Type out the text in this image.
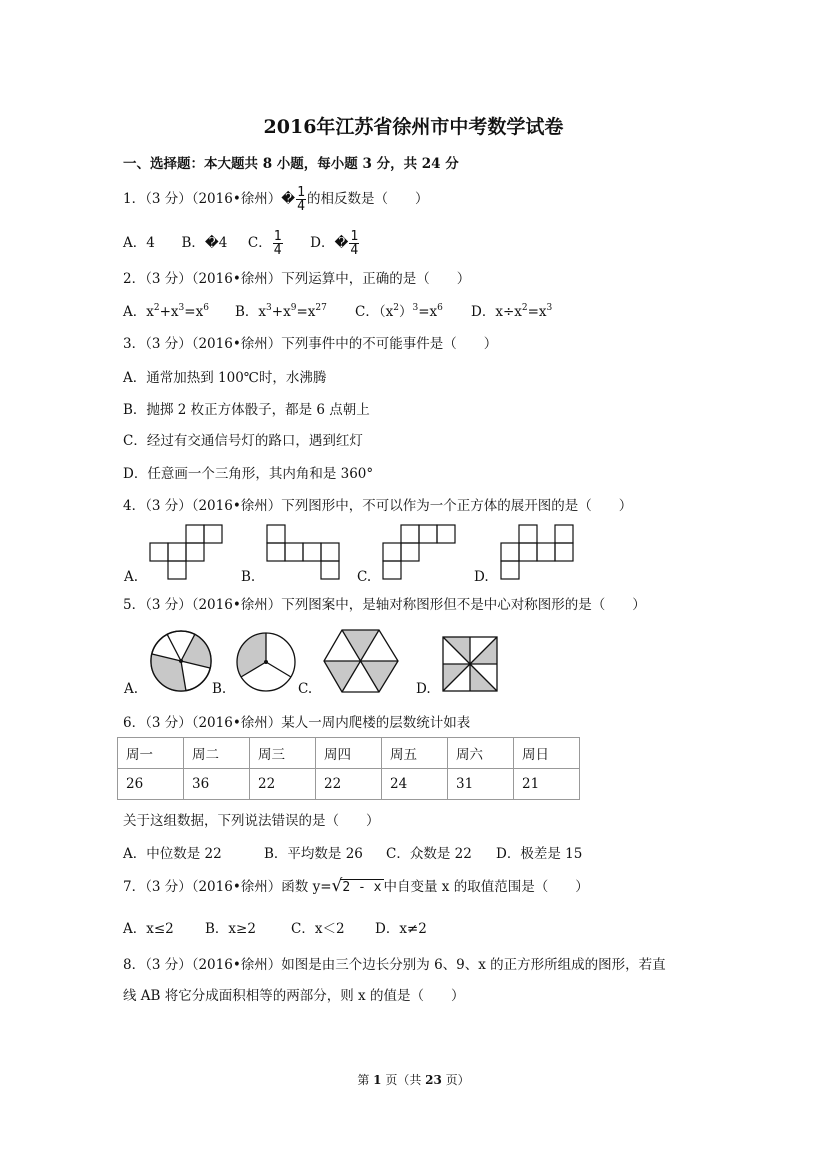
2016年江苏省徐州市中考数学试卷
一、选择题：本大题共 8 小题，每小题 3 分，共 24 分
1．（3 分）（2016•徐州）� $\frac{1}{4}$ 的相反数是（　　）
A．4 B．�4 C． $\frac{1}{4}$ D．� $\frac{1}{4}$
2．（3 分）（2016•徐州）下列运算中，正确的是（　　）
A．$x^2+x^3=x^6$ B．$x^3+x^9=x^{27}$ C．$(x^2)^3=x^6$ D．$x\div x^2=x^3$
3．（3 分）（2016•徐州）下列事件中的不可能事件是（　　）
A．通常加热到 100℃时，水沸腾
B．抛掷 2 枚正方体骰子，都是 6 点朝上
C．经过有交通信号灯的路口，遇到红灯
D．任意画一个三角形，其内角和是 360°
4．（3 分）（2016•徐州）下列图形中，不可以作为一个正方体的展开图的是（　　）
A.	B.	C.	D.
5．（3 分）（2016•徐州）下列图案中，是轴对称图形但不是中心对称图形的是（　　）
A.	B.	C.	D.
6．（3 分）（2016•徐州）某人一周内爬楼的层数统计如表
周一	周二	周三	周四	周五	周六	周日
26	36	22	22	24	31	21
关于这组数据，下列说法错误的是（　　）
A．中位数是 22	B．平均数是 26 C．众数是 22 D．极差是 15
7．（3 分）（2016•徐州）函数 y=√2 - x 中自变量 x 的取值范围是（　　）
A．x≤2 B．x≥2	C．x＜2 D．x≠2
8．（3 分）（2016•徐州）如图是由三个边长分别为 6、9、x 的正方形所组成的图形，若直
线 AB 将它分成面积相等的两部分，则 x 的值是（　　）
第 1 页（共 23 页）
